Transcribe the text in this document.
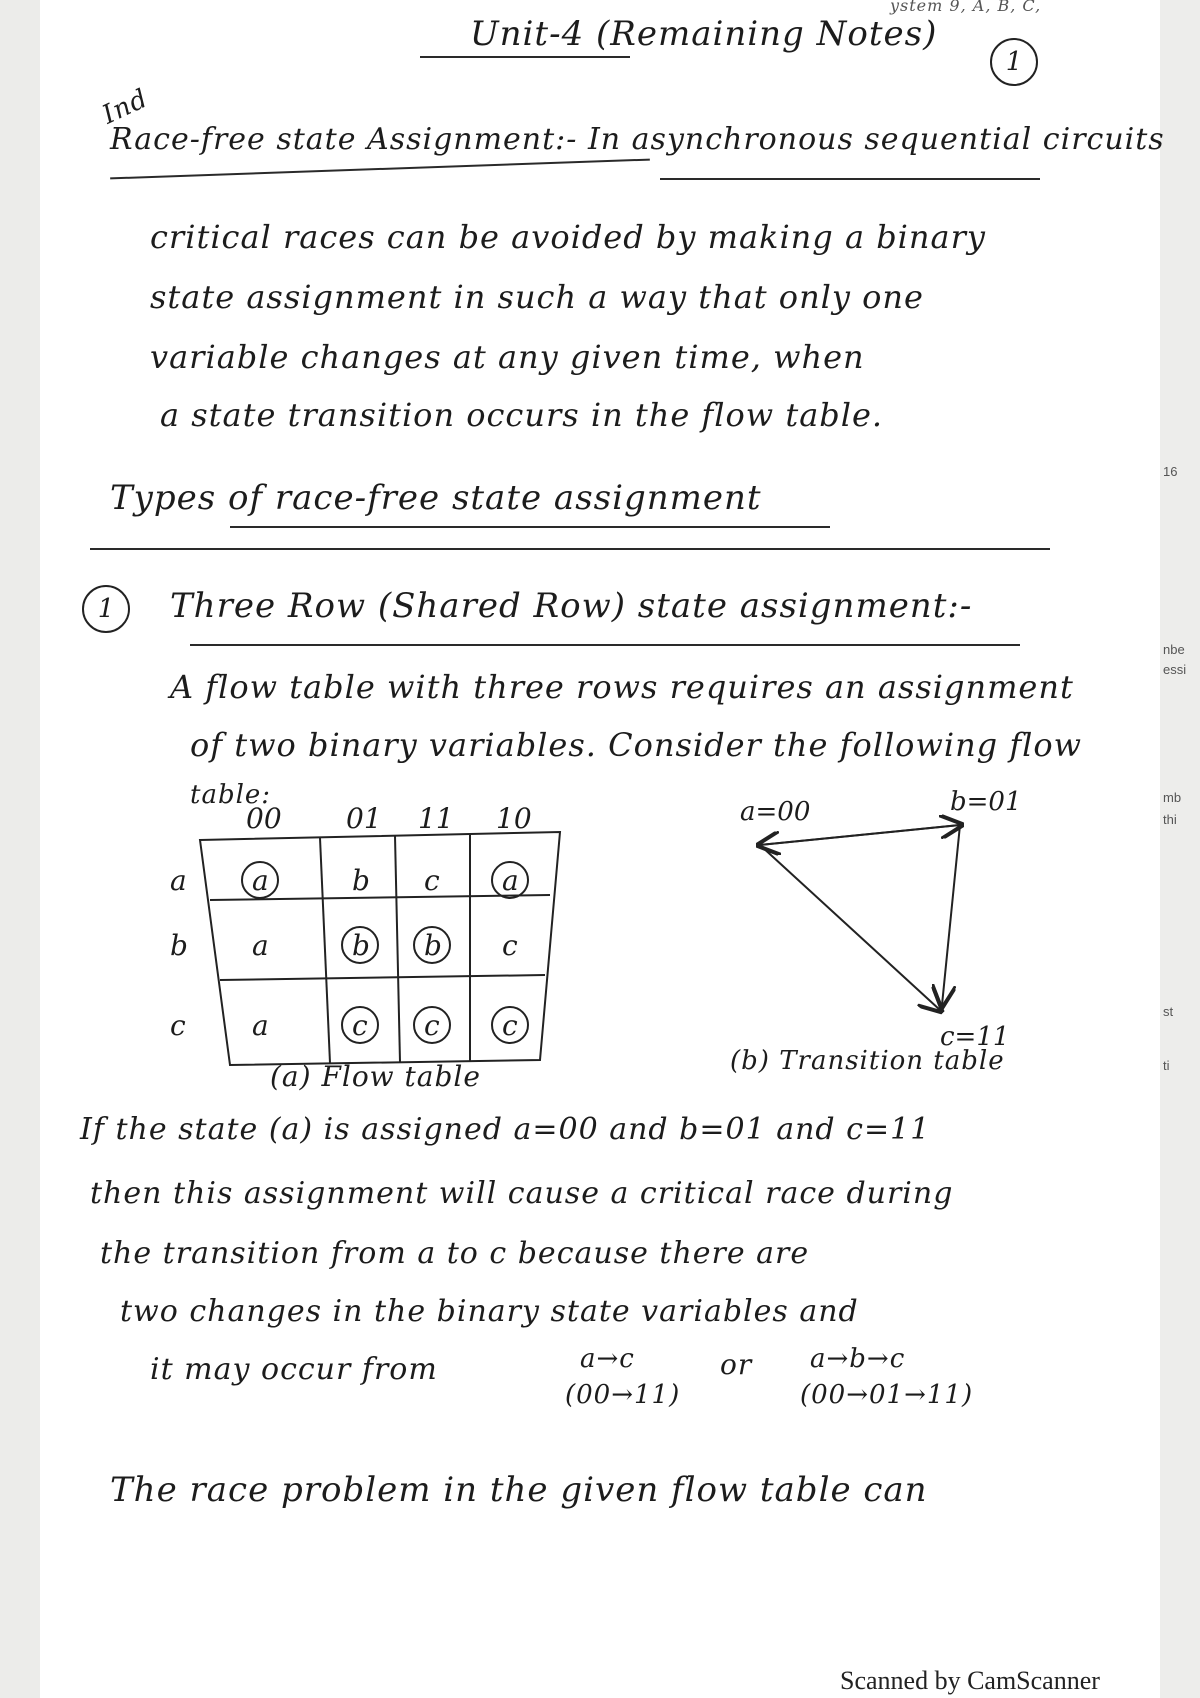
ystem 9, A, B, C,
Unit-4 (Remaining Notes)
1
Ind
Race-free state Assignment:- In asynchronous sequential circuits
critical races can be avoided by making a binary
state assignment in such a way that only one
variable changes at any given time, when
a state transition occurs in the flow table.
Types of race-free state assignment
1	Three Row (Shared Row) state assignment:-
A flow table with three rows requires an assignment
of two binary variables. Consider the following flow
table:
00 01 11 10
a a	b c a
b a	b b c
c a	c c c
(a) Flow table
a=00	b=01
c=11
(b) Transition table
If the state (a) is assigned a=00 and b=01 and c=11
then this assignment will cause a critical race during
the transition from a to c because there are
two changes in the binary state variables and
it may occur from	a→c
(00→11)
or a→b→c
(00→01→11)
The race problem in the given flow table can
16
nbe
essi
mb
thi
st
ti
Scanned by CamScanner
